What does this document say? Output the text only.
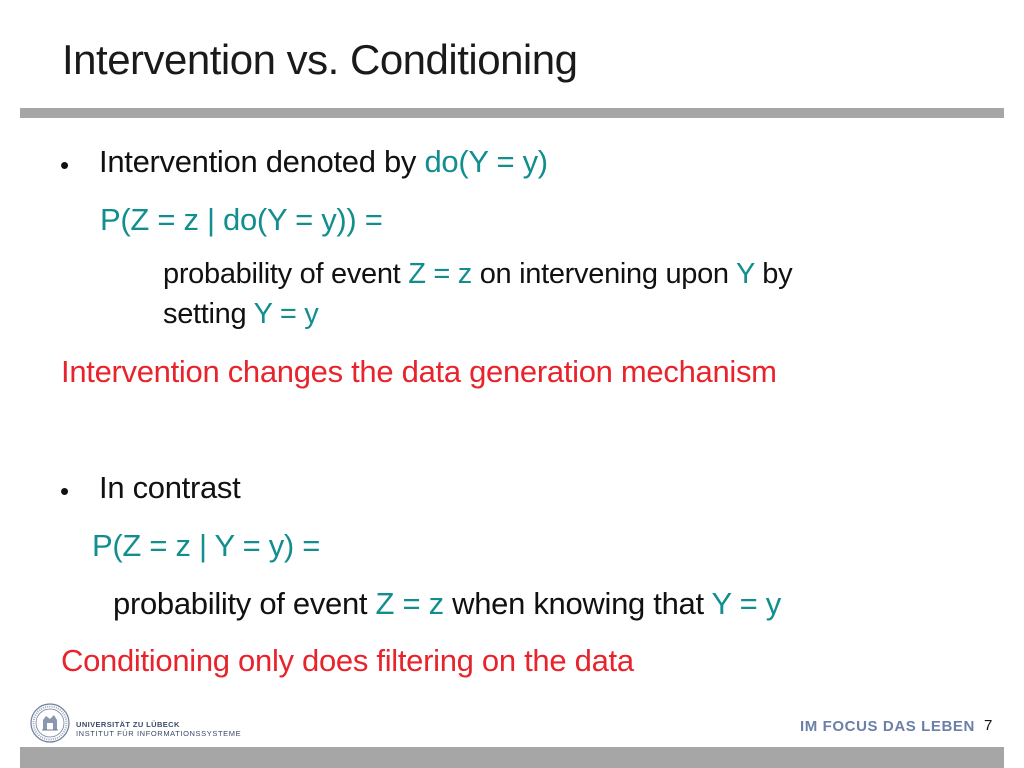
Intervention vs. Conditioning
• Intervention denoted by do(Y = y)
P(Z = z | do(Y = y)) =
probability of event Z = z on intervening upon Y by
setting Y = y
Intervention changes the data generation mechanism
• In contrast
P(Z = z | Y = y) =
probability of event Z = z when knowing that Y = y
Conditioning only does filtering on the data
UNIVERSITÄT ZU LÜBECK
INSTITUT FÜR INFORMATIONSSYSTEME	IM FOCUS DAS LEBEN 7
